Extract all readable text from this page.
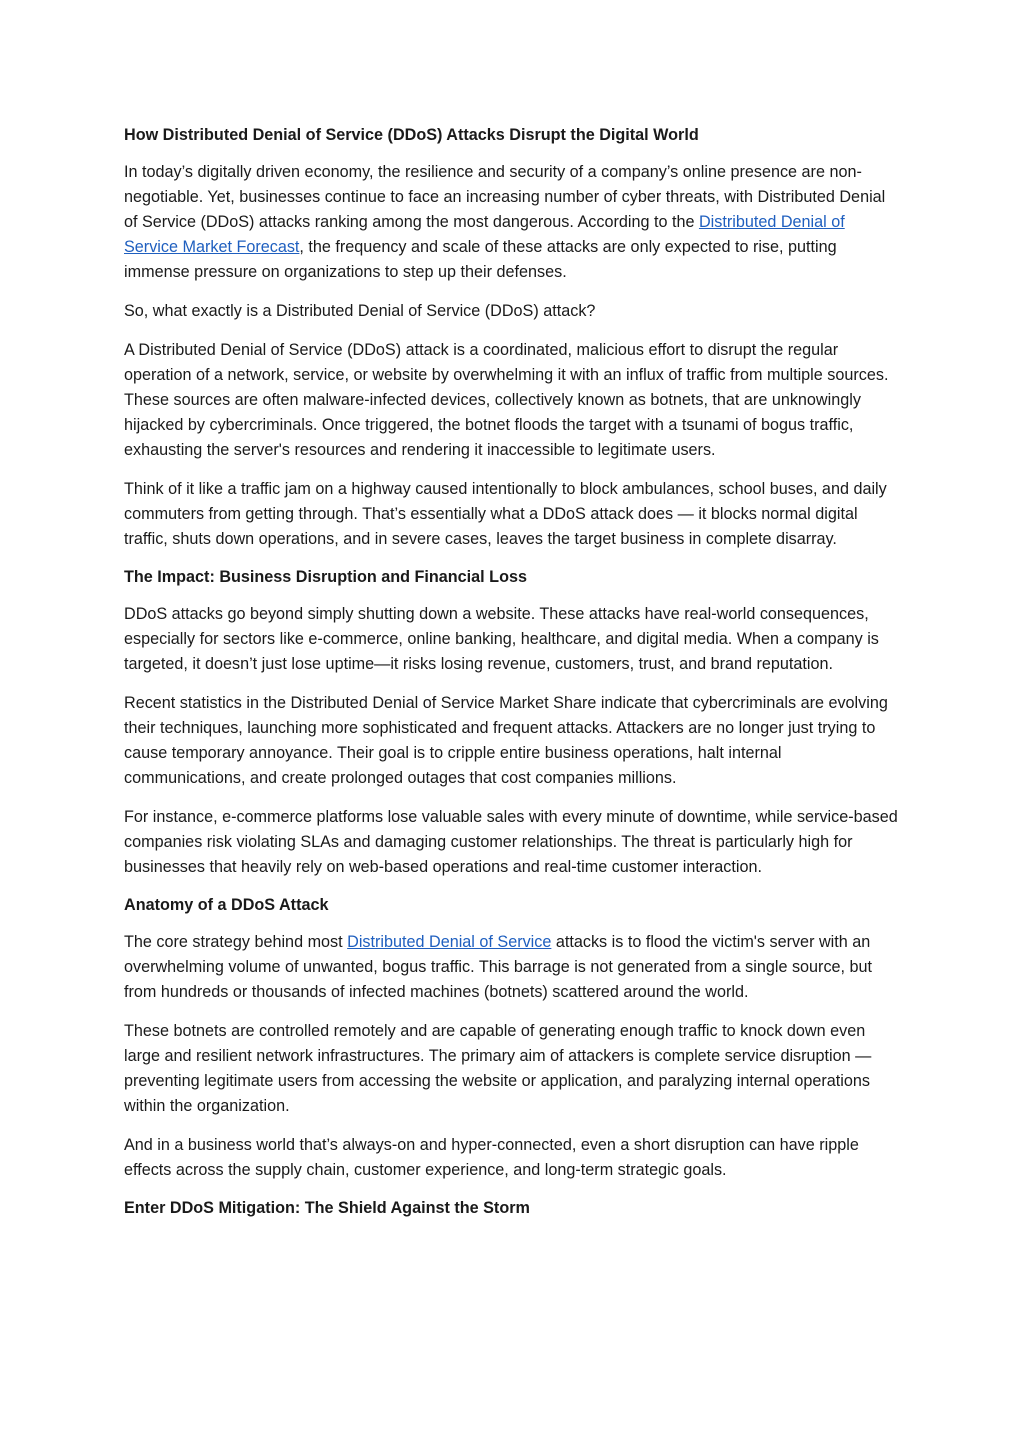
How Distributed Denial of Service (DDoS) Attacks Disrupt the Digital World

In today’s digitally driven economy, the resilience and security of a company’s online presence are non-negotiable. Yet, businesses continue to face an increasing number of cyber threats, with Distributed Denial of Service (DDoS) attacks ranking among the most dangerous. According to the Distributed Denial of Service Market Forecast, the frequency and scale of these attacks are only expected to rise, putting immense pressure on organizations to step up their defenses.

So, what exactly is a Distributed Denial of Service (DDoS) attack?

A Distributed Denial of Service (DDoS) attack is a coordinated, malicious effort to disrupt the regular operation of a network, service, or website by overwhelming it with an influx of traffic from multiple sources. These sources are often malware-infected devices, collectively known as botnets, that are unknowingly hijacked by cybercriminals. Once triggered, the botnet floods the target with a tsunami of bogus traffic, exhausting the server's resources and rendering it inaccessible to legitimate users.

Think of it like a traffic jam on a highway caused intentionally to block ambulances, school buses, and daily commuters from getting through. That’s essentially what a DDoS attack does — it blocks normal digital traffic, shuts down operations, and in severe cases, leaves the target business in complete disarray.

The Impact: Business Disruption and Financial Loss

DDoS attacks go beyond simply shutting down a website. These attacks have real-world consequences, especially for sectors like e-commerce, online banking, healthcare, and digital media. When a company is targeted, it doesn’t just lose uptime—it risks losing revenue, customers, trust, and brand reputation.

Recent statistics in the Distributed Denial of Service Market Share indicate that cybercriminals are evolving their techniques, launching more sophisticated and frequent attacks. Attackers are no longer just trying to cause temporary annoyance. Their goal is to cripple entire business operations, halt internal communications, and create prolonged outages that cost companies millions.

For instance, e-commerce platforms lose valuable sales with every minute of downtime, while service-based companies risk violating SLAs and damaging customer relationships. The threat is particularly high for businesses that heavily rely on web-based operations and real-time customer interaction.

Anatomy of a DDoS Attack

The core strategy behind most Distributed Denial of Service attacks is to flood the victim's server with an overwhelming volume of unwanted, bogus traffic. This barrage is not generated from a single source, but from hundreds or thousands of infected machines (botnets) scattered around the world.

These botnets are controlled remotely and are capable of generating enough traffic to knock down even large and resilient network infrastructures. The primary aim of attackers is complete service disruption — preventing legitimate users from accessing the website or application, and paralyzing internal operations within the organization.

And in a business world that’s always-on and hyper-connected, even a short disruption can have ripple effects across the supply chain, customer experience, and long-term strategic goals.

Enter DDoS Mitigation: The Shield Against the Storm
